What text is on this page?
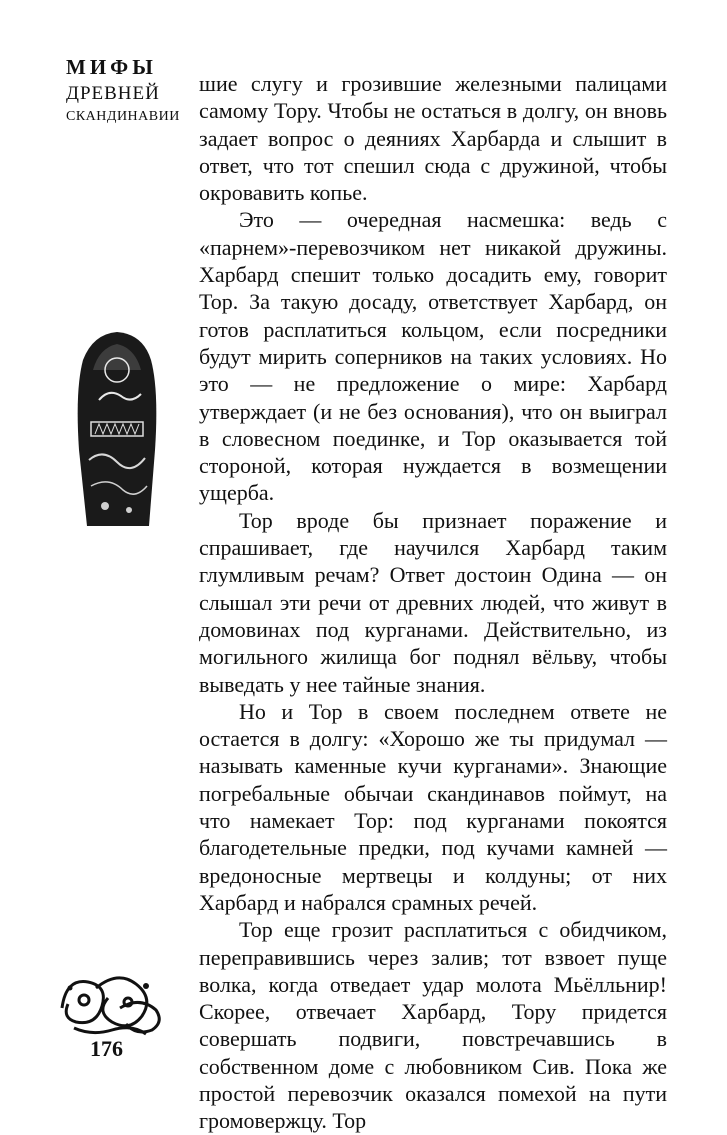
МИФЫ
ДРЕВНЕЙ
СКАНДИНАВИИ
176

шие слугу и грозившие железными палицами самому Тору. Чтобы не остаться в долгу, он вновь задает вопрос о деяниях Харбарда и слышит в ответ, что тот спешил сюда с дружиной, чтобы окровавить копье.

Это — очередная насмешка: ведь с «парнем»-перевозчиком нет никакой дружины. Харбард спешит только досадить ему, говорит Тор. За такую досаду, ответствует Харбард, он готов расплатиться кольцом, если посредники будут мирить соперников на таких условиях. Но это — не предложение о мире: Харбард утверждает (и не без основания), что он выиграл в словесном поединке, и Тор оказывается той стороной, которая нуждается в возмещении ущерба.

Тор вроде бы признает поражение и спрашивает, где научился Харбард таким глумливым речам? Ответ достоин Одина — он слышал эти речи от древних людей, что живут в домовинах под курганами. Действительно, из могильного жилища бог поднял вёльву, чтобы выведать у нее тайные знания.

Но и Тор в своем последнем ответе не остается в долгу: «Хорошо же ты придумал — называть каменные кучи курганами». Знающие погребальные обычаи скандинавов поймут, на что намекает Тор: под курганами покоятся благодетельные предки, под кучами камней — вредоносные мертвецы и колдуны; от них Харбард и набрался срамных речей.

Тор еще грозит расплатиться с обидчиком, переправившись через залив; тот взвоет пуще волка, когда отведает удар молота Мьёлльнир! Скорее, отвечает Харбард, Тору придется совершать подвиги, повстречавшись в собственном доме с любовником Сив. Пока же простой перевозчик оказался помехой на пути громовержцу. Тор
